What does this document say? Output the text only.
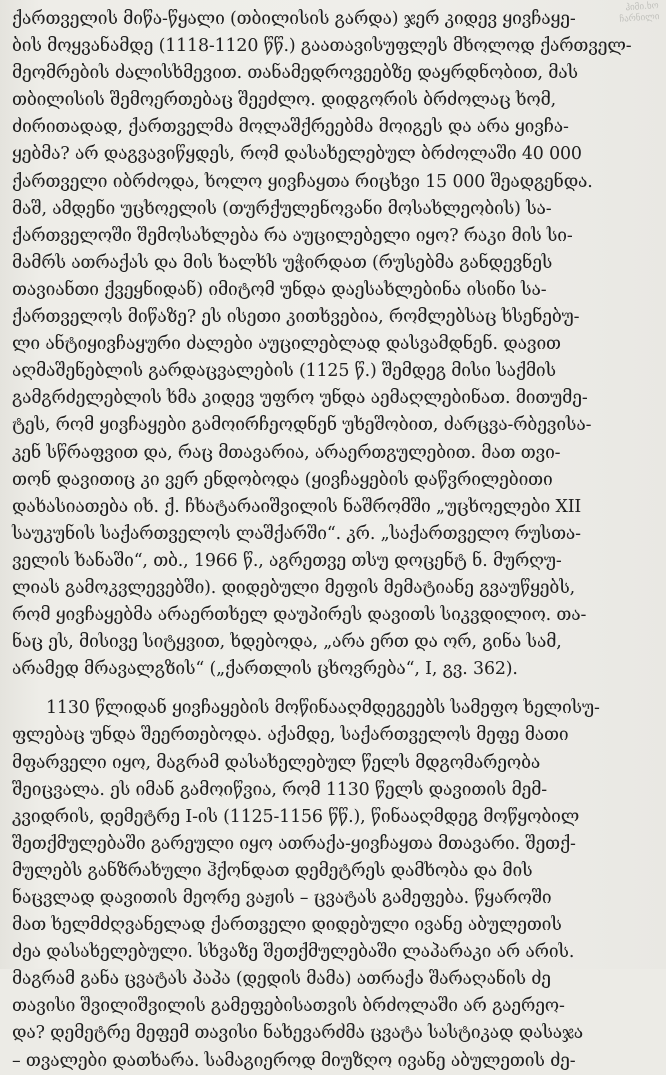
ჰიმი.ხო
ჩარნილი
ქართველის მიწა-წყალი (თბილისის გარდა) ჯერ კიდევ ყივჩაყე-
ბის მოყვანამდე (1118-1120 წწ.) გაათავისუფლეს მხოლოდ ქართველ-
მეომრების ძალისხმევით. თანამედროვეებზე დაყრდნობით, მას
თბილისის შემოერთებაც შეეძლო. დიდგორის ბრძოლაც ხომ,
ძირითადად, ქართველმა მოლაშქრეებმა მოიგეს და არა ყივჩა-
ყებმა? არ დაგვავიწყდეს, რომ დასახელებულ ბრძოლაში 40 000
ქართველი იბრძოდა, ხოლო ყივჩაყთა რიცხვი 15 000 შეადგენდა.
მაშ, ამდენი უცხოელის (თურქულენოვანი მოსახლეობის) სა-
ქართველოში შემოსახლება რა აუცილებელი იყო? რაკი მის სი-
მამრს ათრაქას და მის ხალხს უჭირდათ (რუსებმა განდევნეს
თავიანთი ქვეყნიდან) იმიტომ უნდა დაესახლებინა ისინი სა-
ქართველოს მიწაზე? ეს ისეთი კითხვებია, რომლებსაც ხსენებუ-
ლი ანტიყივჩაყური ძალები აუცილებლად დასვამდნენ. დავით
აღმაშენებლის გარდაცვალების (1125 წ.) შემდეგ მისი საქმის
გამგრძელებლის ხმა კიდევ უფრო უნდა აემაღლებინათ. მითუმე-
ტეს, რომ ყივჩაყები გამოირჩეოდნენ უხეშობით, ძარცვა-რბევისა-
კენ სწრაფვით და, რაც მთავარია, არაერთგულებით. მათ თვი-
თონ დავითიც კი ვერ ენდობოდა (ყივჩაყების დაწვრილებითი
დახასიათება იხ. ქ. ჩხატარაიშვილის ნაშრომში „უცხოელები XII
საუკუნის საქართველოს ლაშქარში“. კრ. „საქართველო რუსთა-
ველის ხანაში“, თბ., 1966 წ., აგრეთვე თსუ დოცენტ ნ. მურღუ-
ლიას გამოკვლევებში). დიდებული მეფის მემატიანე გვაუწყებს,
რომ ყივჩაყებმა არაერთხელ დაუპირეს დავითს სიკვდილიო. თა-
ნაც ეს, მისივე სიტყვით, ხდებოდა, „არა ერთ და ორ, გინა სამ,
არამედ მრავალგზის“ („ქართლის ცხოვრება“, I, გვ. 362).
1130 წლიდან ყივჩაყების მოწინააღმდეგეებს სამეფო ხელისუ-
ფლებაც უნდა შეერთებოდა. აქამდე, საქართველოს მეფე მათი
მფარველი იყო, მაგრამ დასახელებულ წელს მდგომარეობა
შეიცვალა. ეს იმან გამოიწვია, რომ 1130 წელს დავითის მემ-
კვიდრის, დემეტრე I-ის (1125-1156 წწ.), წინააღმდეგ მოწყობილ
შეთქმულებაში გარეული იყო ათრაქა-ყივჩაყთა მთავარი. შეთქ-
მულებს განზრახული ჰქონდათ დემეტრეს დამხობა და მის
ნაცვლად დავითის მეორე ვაჟის – ცვატას გამეფება. წყაროში
მათ ხელმძღვანელად ქართველი დიდებული ივანე აბულეთის
ძეა დასახელებული. სხვაზე შეთქმულებაში ლაპარაკი არ არის.
მაგრამ განა ცვატას პაპა (დედის მამა) ათრაქა შარაღანის ძე
თავისი შვილიშვილის გამეფებისათვის ბრძოლაში არ გაერეო-
და? დემეტრე მეფემ თავისი ნახევარძმა ცვატა სასტიკად დასაჯა
– თვალები დათხარა. სამაგიეროდ მიუზღო ივანე აბულეთის ძე-
